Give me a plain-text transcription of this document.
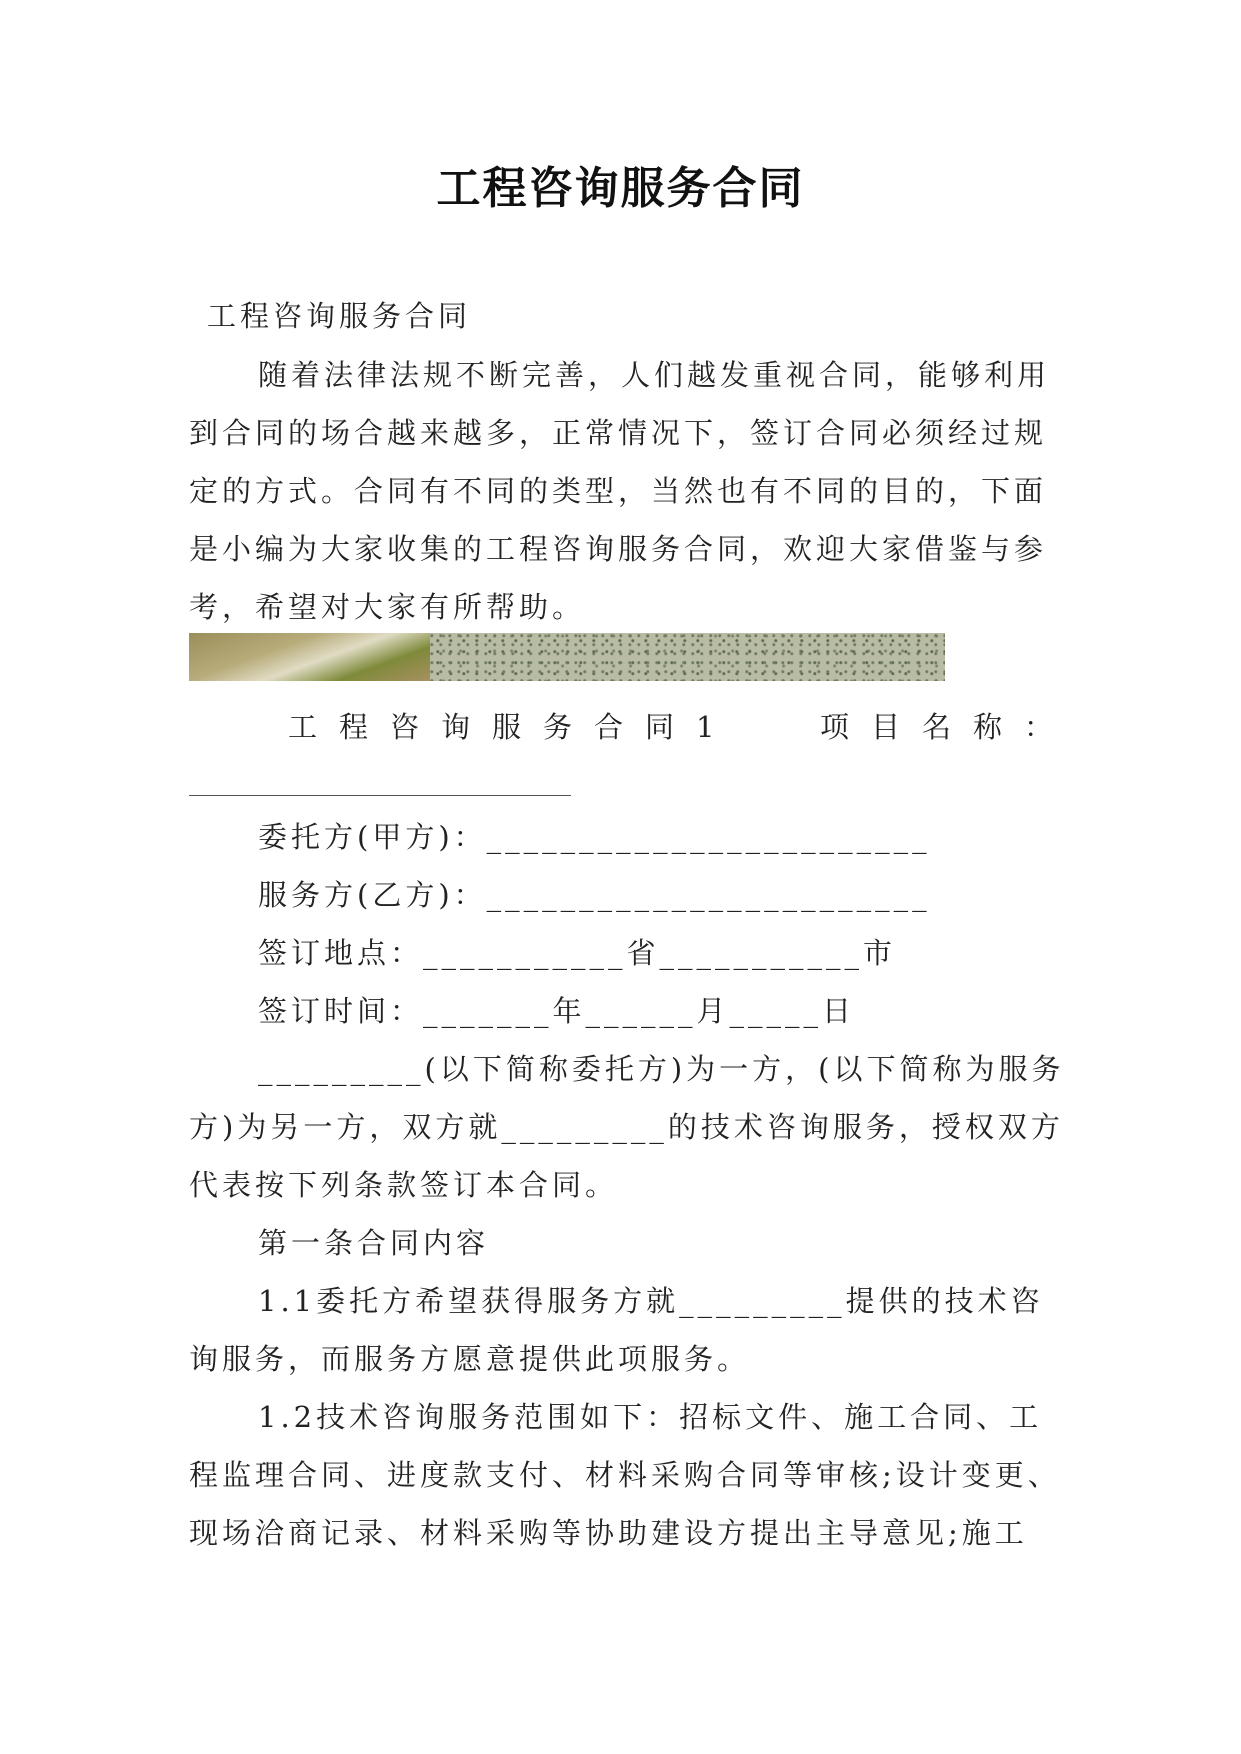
工程咨询服务合同
工程咨询服务合同
随着法律法规不断完善，人们越发重视合同，能够利用
到合同的场合越来越多，正常情况下，签订合同必须经过规
定的方式。合同有不同的类型，当然也有不同的目的，下面
是小编为大家收集的工程咨询服务合同，欢迎大家借鉴与参
考，希望对大家有所帮助。
工程咨询服务合同1	项目名称：
委托方(甲方)：________________________
服务方(乙方)：________________________
签订地点：___________省___________市
签订时间：_______年______月_____日
_________(以下简称委托方)为一方，(以下简称为服务
方)为另一方，双方就_________的技术咨询服务，授权双方
代表按下列条款签订本合同。
第一条合同内容
1.1委托方希望获得服务方就_________提供的技术咨
询服务，而服务方愿意提供此项服务。
1.2技术咨询服务范围如下：招标文件、施工合同、工
程监理合同、进度款支付、材料采购合同等审核;设计变更、
现场洽商记录、材料采购等协助建设方提出主导意见;施工
